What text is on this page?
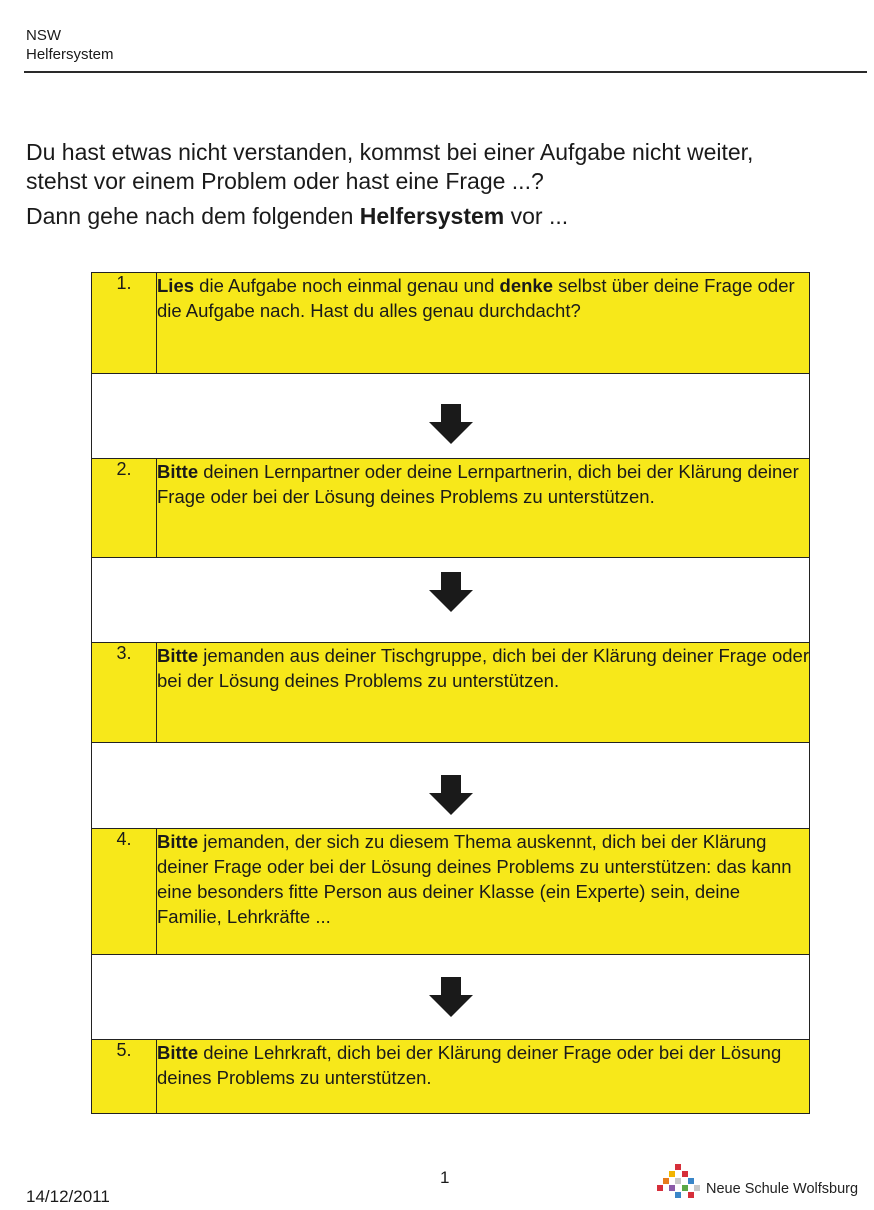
NSW
Helfersystem

Du hast etwas nicht verstanden, kommst bei einer Aufgabe nicht weiter,
stehst vor einem Problem oder hast eine Frage ...?

Dann gehe nach dem folgenden Helfersystem vor ...

1.	Lies die Aufgabe noch einmal genau und denke selbst über deine Frage oder die Aufgabe nach. Hast du alles genau durchdacht?

2.	Bitte deinen Lernpartner oder deine Lernpartnerin, dich bei der Klärung deiner Frage oder bei der Lösung deines Problems zu unterstützen.

3.	Bitte jemanden aus deiner Tischgruppe, dich bei der Klärung deiner Frage oder bei der Lösung deines Problems zu unterstützen.

4.	Bitte jemanden, der sich zu diesem Thema auskennt, dich bei der Klärung deiner Frage oder bei der Lösung deines Problems zu unterstützen: das kann eine besonders fitte Person aus deiner Klasse (ein Experte) sein, deine Familie, Lehrkräfte ...

5.	Bitte deine Lehrkraft, dich bei der Klärung deiner Frage oder bei der Lösung deines Problems zu unterstützen.
1
14/12/2011	Neue Schule Wolfsburg
